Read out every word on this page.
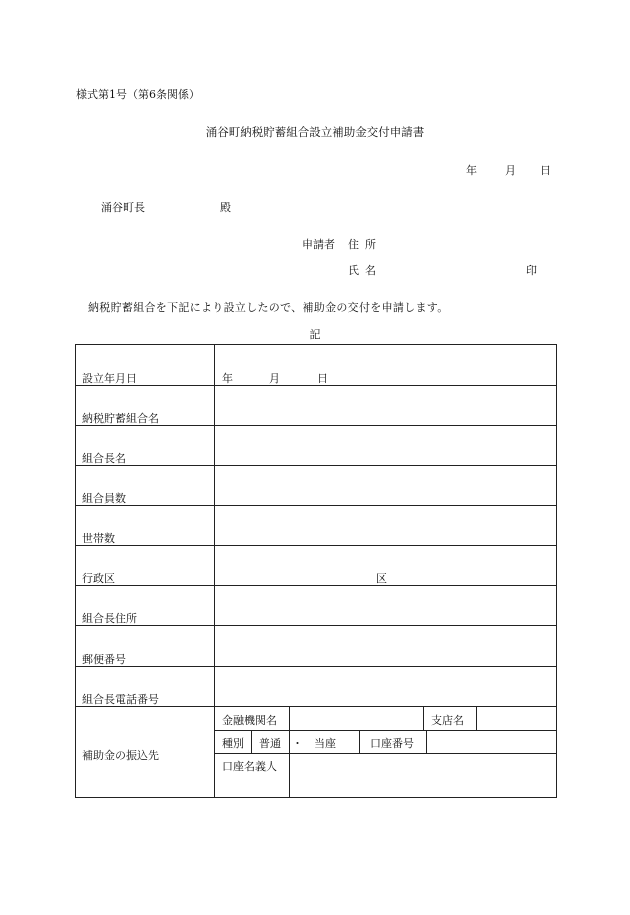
様式第1号（第6条関係）
涌谷町納税貯蓄組合設立補助金交付申請書
年	月 日
涌谷町長	殿
申請者 住所
氏名	印
納税貯蓄組合を下記により設立したので、補助金の交付を申請します。
記
設立年月日	年	月	日
納税貯蓄組合名
組合長名
組合員数
世帯数
行政区	区
組合長住所
郵便番号
組合長電話番号
補助金の振込先
金融機関名	支店名
種別 普通　・　当座	口座番号
口座名義人
